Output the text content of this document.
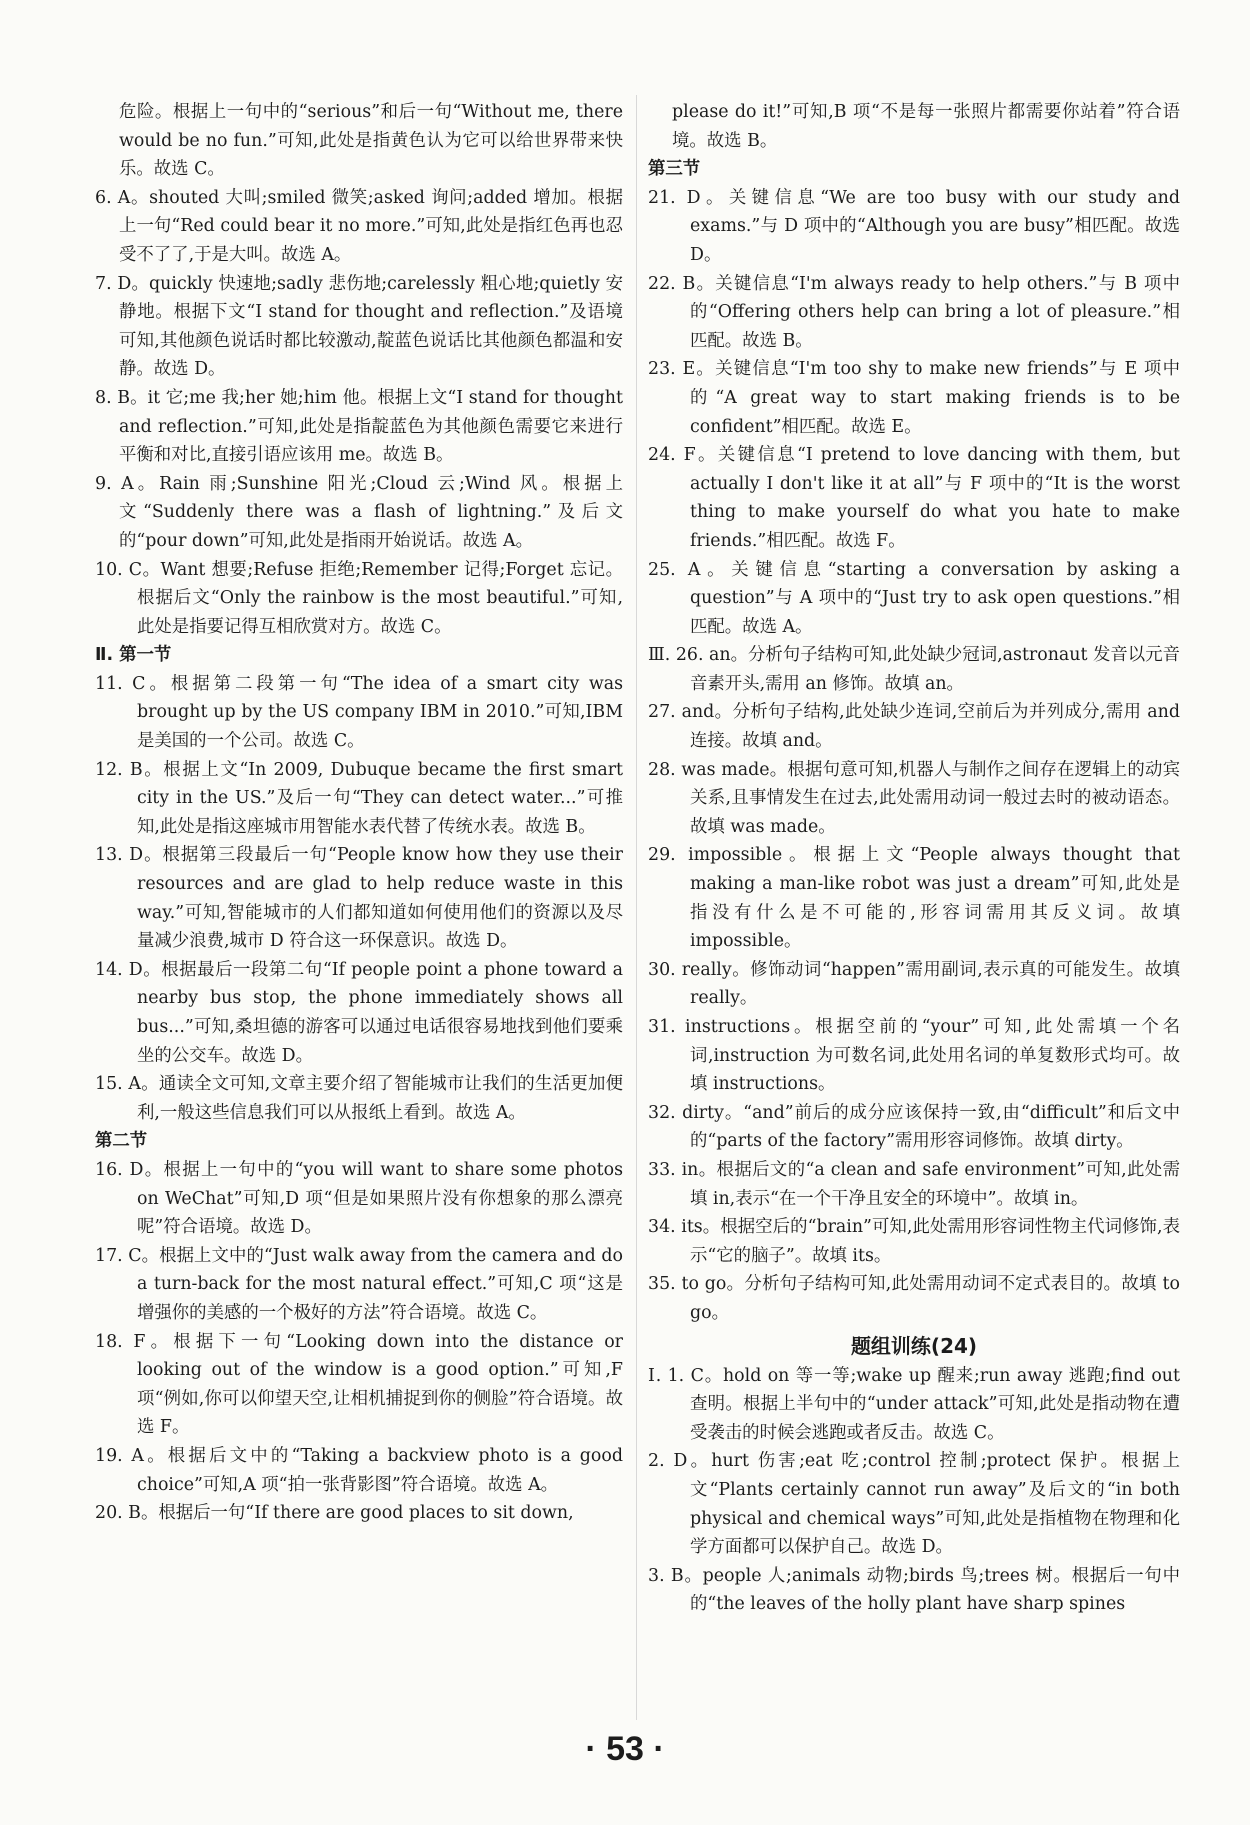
危险。根据上一句中的“serious”和后一句“Without me, there would be no fun.”可知,此处是指黄色认为它可以给世界带来快乐。故选 C。

6. A。shouted 大叫;smiled 微笑;asked 询问;added 增加。根据上一句“Red could bear it no more.”可知,此处是指红色再也忍受不了了,于是大叫。故选 A。

7. D。quickly 快速地;sadly 悲伤地;carelessly 粗心地;quietly 安静地。根据下文“I stand for thought and reflection.”及语境可知,其他颜色说话时都比较激动,靛蓝色说话比其他颜色都温和安静。故选 D。

8. B。it 它;me 我;her 她;him 他。根据上文“I stand for thought and reflection.”可知,此处是指靛蓝色为其他颜色需要它来进行平衡和对比,直接引语应该用 me。故选 B。

9. A。Rain 雨;Sunshine 阳光;Cloud 云;Wind 风。根据上文“Suddenly there was a flash of lightning.”及后文的“pour down”可知,此处是指雨开始说话。故选 A。

10. C。Want 想要;Refuse 拒绝;Remember 记得;Forget 忘记。根据后文“Only the rainbow is the most beautiful.”可知,此处是指要记得互相欣赏对方。故选 C。

Ⅱ. 第一节

11. C。根据第二段第一句“The idea of a smart city was brought up by the US company IBM in 2010.”可知,IBM 是美国的一个公司。故选 C。

12. B。根据上文“In 2009, Dubuque became the first smart city in the US.”及后一句“They can detect water...”可推知,此处是指这座城市用智能水表代替了传统水表。故选 B。

13. D。根据第三段最后一句“People know how they use their resources and are glad to help reduce waste in this way.”可知,智能城市的人们都知道如何使用他们的资源以及尽量减少浪费,城市 D 符合这一环保意识。故选 D。

14. D。根据最后一段第二句“If people point a phone toward a nearby bus stop, the phone immediately shows all bus...”可知,桑坦德的游客可以通过电话很容易地找到他们要乘坐的公交车。故选 D。

15. A。通读全文可知,文章主要介绍了智能城市让我们的生活更加便利,一般这些信息我们可以从报纸上看到。故选 A。

第二节

16. D。根据上一句中的“you will want to share some photos on WeChat”可知,D 项“但是如果照片没有你想象的那么漂亮呢”符合语境。故选 D。

17. C。根据上文中的“Just walk away from the camera and do a turn-back for the most natural effect.”可知,C 项“这是增强你的美感的一个极好的方法”符合语境。故选 C。

18. F。根据下一句“Looking down into the distance or looking out of the window is a good option.”可知,F 项“例如,你可以仰望天空,让相机捕捉到你的侧脸”符合语境。故选 F。

19. A。根据后文中的“Taking a backview photo is a good choice”可知,A 项“拍一张背影图”符合语境。故选 A。

20. B。根据后一句“If there are good places to sit down,

please do it!”可知,B 项“不是每一张照片都需要你站着”符合语境。故选 B。

第三节

21. D。关键信息“We are too busy with our study and exams.”与 D 项中的“Although you are busy”相匹配。故选 D。

22. B。关键信息“I'm always ready to help others.”与 B 项中的“Offering others help can bring a lot of pleasure.”相匹配。故选 B。

23. E。关键信息“I'm too shy to make new friends”与 E 项中的“A great way to start making friends is to be confident”相匹配。故选 E。

24. F。关键信息“I pretend to love dancing with them, but actually I don't like it at all”与 F 项中的“It is the worst thing to make yourself do what you hate to make friends.”相匹配。故选 F。

25. A。关键信息“starting a conversation by asking a question”与 A 项中的“Just try to ask open questions.”相匹配。故选 A。

Ⅲ. 26. an。分析句子结构可知,此处缺少冠词,astronaut 发音以元音音素开头,需用 an 修饰。故填 an。

27. and。分析句子结构,此处缺少连词,空前后为并列成分,需用 and 连接。故填 and。

28. was made。根据句意可知,机器人与制作之间存在逻辑上的动宾关系,且事情发生在过去,此处需用动词一般过去时的被动语态。故填 was made。

29. impossible。根据上文“People always thought that making a man-like robot was just a dream”可知,此处是指没有什么是不可能的,形容词需用其反义词。故填 impossible。

30. really。修饰动词“happen”需用副词,表示真的可能发生。故填 really。

31. instructions。根据空前的“your”可知,此处需填一个名词,instruction 为可数名词,此处用名词的单复数形式均可。故填 instructions。

32. dirty。“and”前后的成分应该保持一致,由“difficult”和后文中的“parts of the factory”需用形容词修饰。故填 dirty。

33. in。根据后文的“a clean and safe environment”可知,此处需填 in,表示“在一个干净且安全的环境中”。故填 in。

34. its。根据空后的“brain”可知,此处需用形容词性物主代词修饰,表示“它的脑子”。故填 its。

35. to go。分析句子结构可知,此处需用动词不定式表目的。故填 to go。

题组训练(24)

Ⅰ. 1. C。hold on 等一等;wake up 醒来;run away 逃跑;find out 查明。根据上半句中的“under attack”可知,此处是指动物在遭受袭击的时候会逃跑或者反击。故选 C。

2. D。hurt 伤害;eat 吃;control 控制;protect 保护。根据上文“Plants certainly cannot run away”及后文的“in both physical and chemical ways”可知,此处是指植物在物理和化学方面都可以保护自己。故选 D。

3. B。people 人;animals 动物;birds 鸟;trees 树。根据后一句中的“the leaves of the holly plant have sharp spines

· 53 ·
